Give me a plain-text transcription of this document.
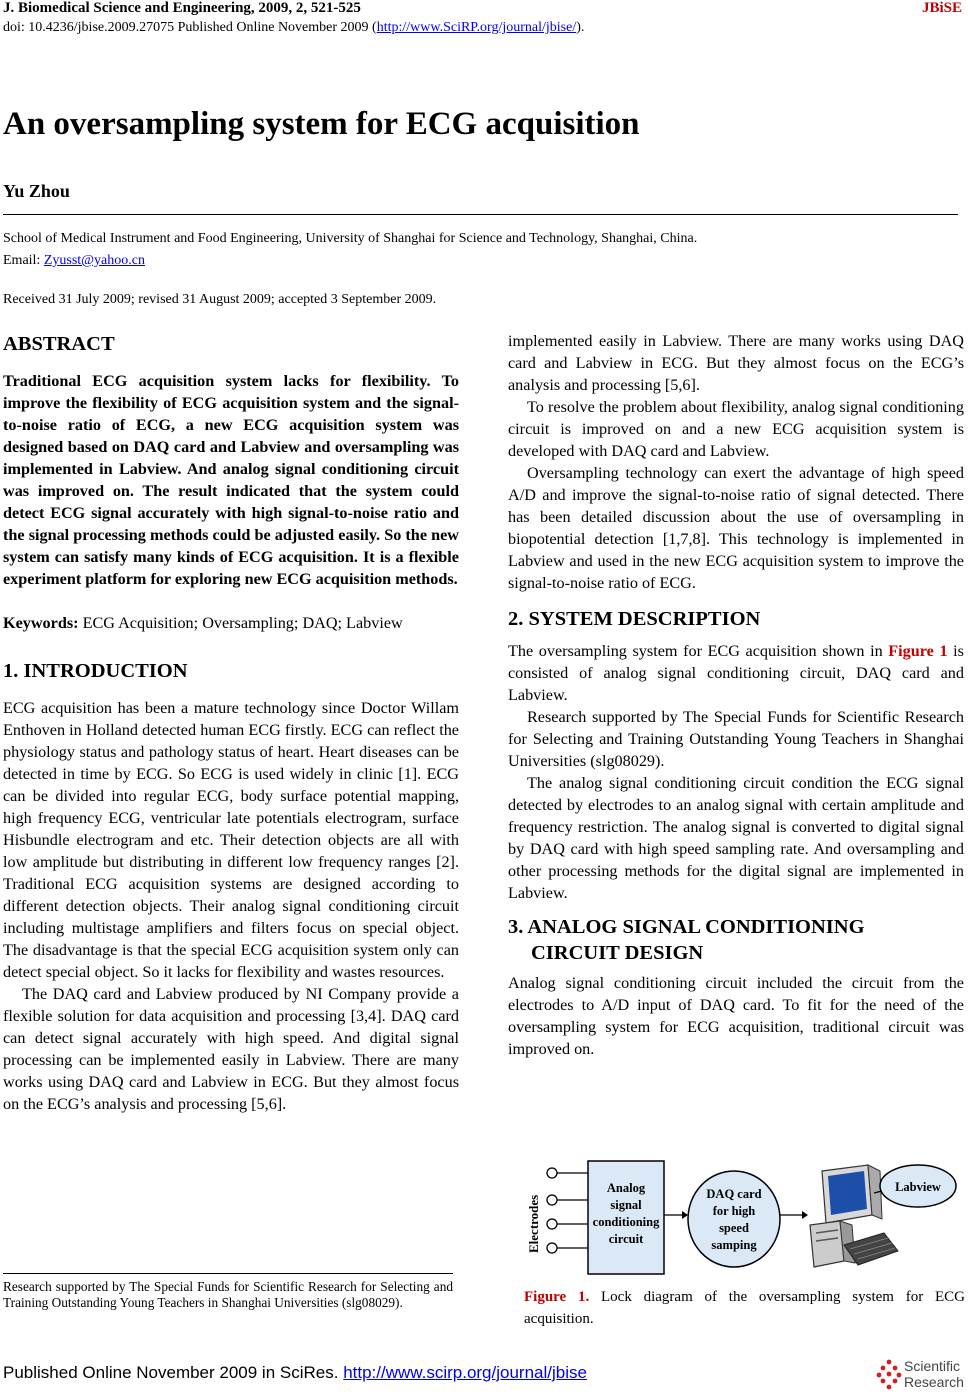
J. Biomedical Science and Engineering, 2009, 2, 521-525	JBiSE
doi: 10.4236/jbise.2009.27075 Published Online November 2009 (http://www.SciRP.org/journal/jbise/).
An oversampling system for ECG acquisition
Yu Zhou
School of Medical Instrument and Food Engineering, University of Shanghai for Science and Technology, Shanghai, China.
Email: Zyusst@yahoo.cn
Received 31 July 2009; revised 31 August 2009; accepted 3 September 2009.
ABSTRACT

Traditional ECG acquisition system lacks for flexibility. To improve the flexibility of ECG acquisition system and the signal-to-noise ratio of ECG, a new ECG acquisition system was designed based on DAQ card and Labview and oversampling was implemented in Labview. And analog signal conditioning circuit was improved on. The result indicated that the system could detect ECG signal accurately with high signal-to-noise ratio and the signal processing methods could be adjusted easily. So the new system can satisfy many kinds of ECG acquisition. It is a flexible experiment platform for exploring new ECG acquisition methods.

Keywords: ECG Acquisition; Oversampling; DAQ; Labview

1. INTRODUCTION

ECG acquisition has been a mature technology since Doctor Willam Enthoven in Holland detected human ECG firstly. ECG can reflect the physiology status and pathology status of heart. Heart diseases can be detected in time by ECG. So ECG is used widely in clinic [1]. ECG can be divided into regular ECG, body surface potential mapping, high frequency ECG, ventricular late potentials electrogram, surface Hisbundle electrogram and etc. Their detection objects are all with low amplitude but distributing in different low frequency ranges [2]. Traditional ECG acquisition systems are designed according to different detection objects. Their analog signal conditioning circuit including multistage amplifiers and filters focus on special object. The disadvantage is that the special ECG acquisition system only can detect special object. So it lacks for flexibility and wastes resources.

The DAQ card and Labview produced by NI Company provide a flexible solution for data acquisition and processing [3,4]. DAQ card can detect signal accurately with high speed. And digital signal processing can be implemented easily in Labview. There are many works using DAQ card and Labview in ECG. But they almost focus on the ECG’s analysis and processing [5,6].

implemented easily in Labview. There are many works using DAQ card and Labview in ECG. But they almost focus on the ECG’s analysis and processing [5,6].

To resolve the problem about flexibility, analog signal conditioning circuit is improved on and a new ECG acquisition system is developed with DAQ card and Labview.

Oversampling technology can exert the advantage of high speed A/D and improve the signal-to-noise ratio of signal detected. There has been detailed discussion about the use of oversampling in biopotential detection [1,7,8]. This technology is implemented in Labview and used in the new ECG acquisition system to improve the signal-to-noise ratio of ECG.

2. SYSTEM DESCRIPTION

The oversampling system for ECG acquisition shown in Figure 1 is consisted of analog signal conditioning circuit, DAQ card and Labview.

Research supported by The Special Funds for Scientific Research for Selecting and Training Outstanding Young Teachers in Shanghai Universities (slg08029).

The analog signal conditioning circuit condition the ECG signal detected by electrodes to an analog signal with certain amplitude and frequency restriction. The analog signal is converted to digital signal by DAQ card with high speed sampling rate. And oversampling and other processing methods for the digital signal are implemented in Labview.

3. ANALOG SIGNAL CONDITIONING
CIRCUIT DESIGN

Analog signal conditioning circuit included the circuit from the electrodes to A/D input of DAQ card. To fit for the need of the oversampling system for ECG acquisition, traditional circuit was improved on.

Electrodes
Analog
signal
conditioning
circuit
DAQ card
for high
speed
samping
Labview
Research supported by The Special Funds for Scientific Research for Selecting and Training Outstanding Young Teachers in Shanghai Universities (slg08029).	Figure 1. Lock diagram of the oversampling system for ECG acquisition.
Published Online November 2009 in SciRes. http://www.scirp.org/journal/jbise	Scientific
Research
